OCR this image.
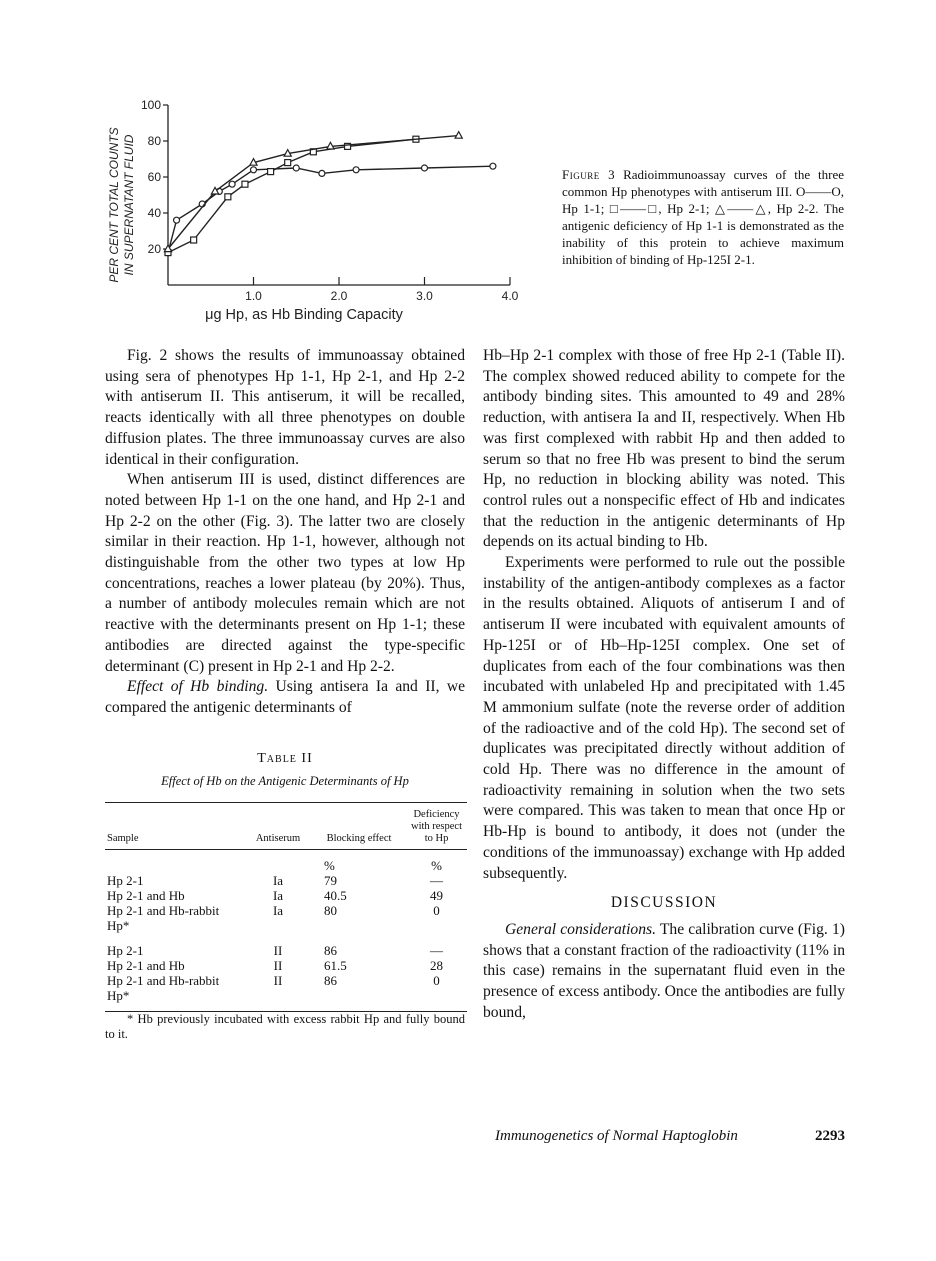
PER CENT TOTAL COUNTS IN SUPERNATANT FLUID 20
40
60
80
100
1.0	2.0	3.0	4.0
μg Hp, as Hb Binding Capacity
Figure 3 Radioimmunoassay curves of the three common Hp phenotypes with antiserum III. O——O, Hp 1-1; □——□, Hp 2-1; △——△, Hp 2-2. The antigenic deficiency of Hp 1-1 is demonstrated as the inability of this protein to achieve maximum inhibition of binding of Hp-125I 2-1.

Fig. 2 shows the results of immunoassay obtained using sera of phenotypes Hp 1-1, Hp 2-1, and Hp 2-2 with antiserum II. This antiserum, it will be recalled, reacts identically with all three phenotypes on double diffusion plates. The three immunoassay curves are also identical in their configuration.

When antiserum III is used, distinct differences are noted between Hp 1-1 on the one hand, and Hp 2-1 and Hp 2-2 on the other (Fig. 3). The latter two are closely similar in their reaction. Hp 1-1, however, although not distinguishable from the other two types at low Hp concentrations, reaches a lower plateau (by 20%). Thus, a number of antibody molecules remain which are not reactive with the determinants present on Hp 1-1; these antibodies are directed against the type-specific determinant (C) present in Hp 2-1 and Hp 2-2.

Effect of Hb binding. Using antisera Ia and II, we compared the antigenic determinants of

Table II
Effect of Hb on the Antigenic Determinants of Hp
Sample	Antiserum	Blocking effect	Deficiency with respect to Hp
		%	%
Hp 2-1	Ia	79	—
Hp 2-1 and Hb	Ia	40.5	49
Hp 2-1 and Hb-rabbit Hp*	Ia	80	0
Hp 2-1	II	86	—
Hp 2-1 and Hb	II	61.5	28
Hp 2-1 and Hb-rabbit Hp*	II	86	0

* Hb previously incubated with excess rabbit Hp and fully bound to it.

Hb–Hp 2-1 complex with those of free Hp 2-1 (Table II). The complex showed reduced ability to compete for the antibody binding sites. This amounted to 49 and 28% reduction, with antisera Ia and II, respectively. When Hb was first complexed with rabbit Hp and then added to serum so that no free Hb was present to bind the serum Hp, no reduction in blocking ability was noted. This control rules out a nonspecific effect of Hb and indicates that the reduction in the antigenic determinants of Hp depends on its actual binding to Hb.

Experiments were performed to rule out the possible instability of the antigen-antibody complexes as a factor in the results obtained. Aliquots of antiserum I and of antiserum II were incubated with equivalent amounts of Hp-125I or of Hb–Hp-125I complex. One set of duplicates from each of the four combinations was then incubated with unlabeled Hp and precipitated with 1.45 M ammonium sulfate (note the reverse order of addition of the radioactive and of the cold Hp). The second set of duplicates was precipitated directly without addition of cold Hp. There was no difference in the amount of radioactivity remaining in solution when the two sets were compared. This was taken to mean that once Hp or Hb-Hp is bound to antibody, it does not (under the conditions of the immunoassay) exchange with Hp added subsequently.

DISCUSSION

General considerations. The calibration curve (Fig. 1) shows that a constant fraction of the radioactivity (11% in this case) remains in the supernatant fluid even in the presence of excess antibody. Once the antibodies are fully bound,

Immunogenetics of Normal Haptoglobin	2293
